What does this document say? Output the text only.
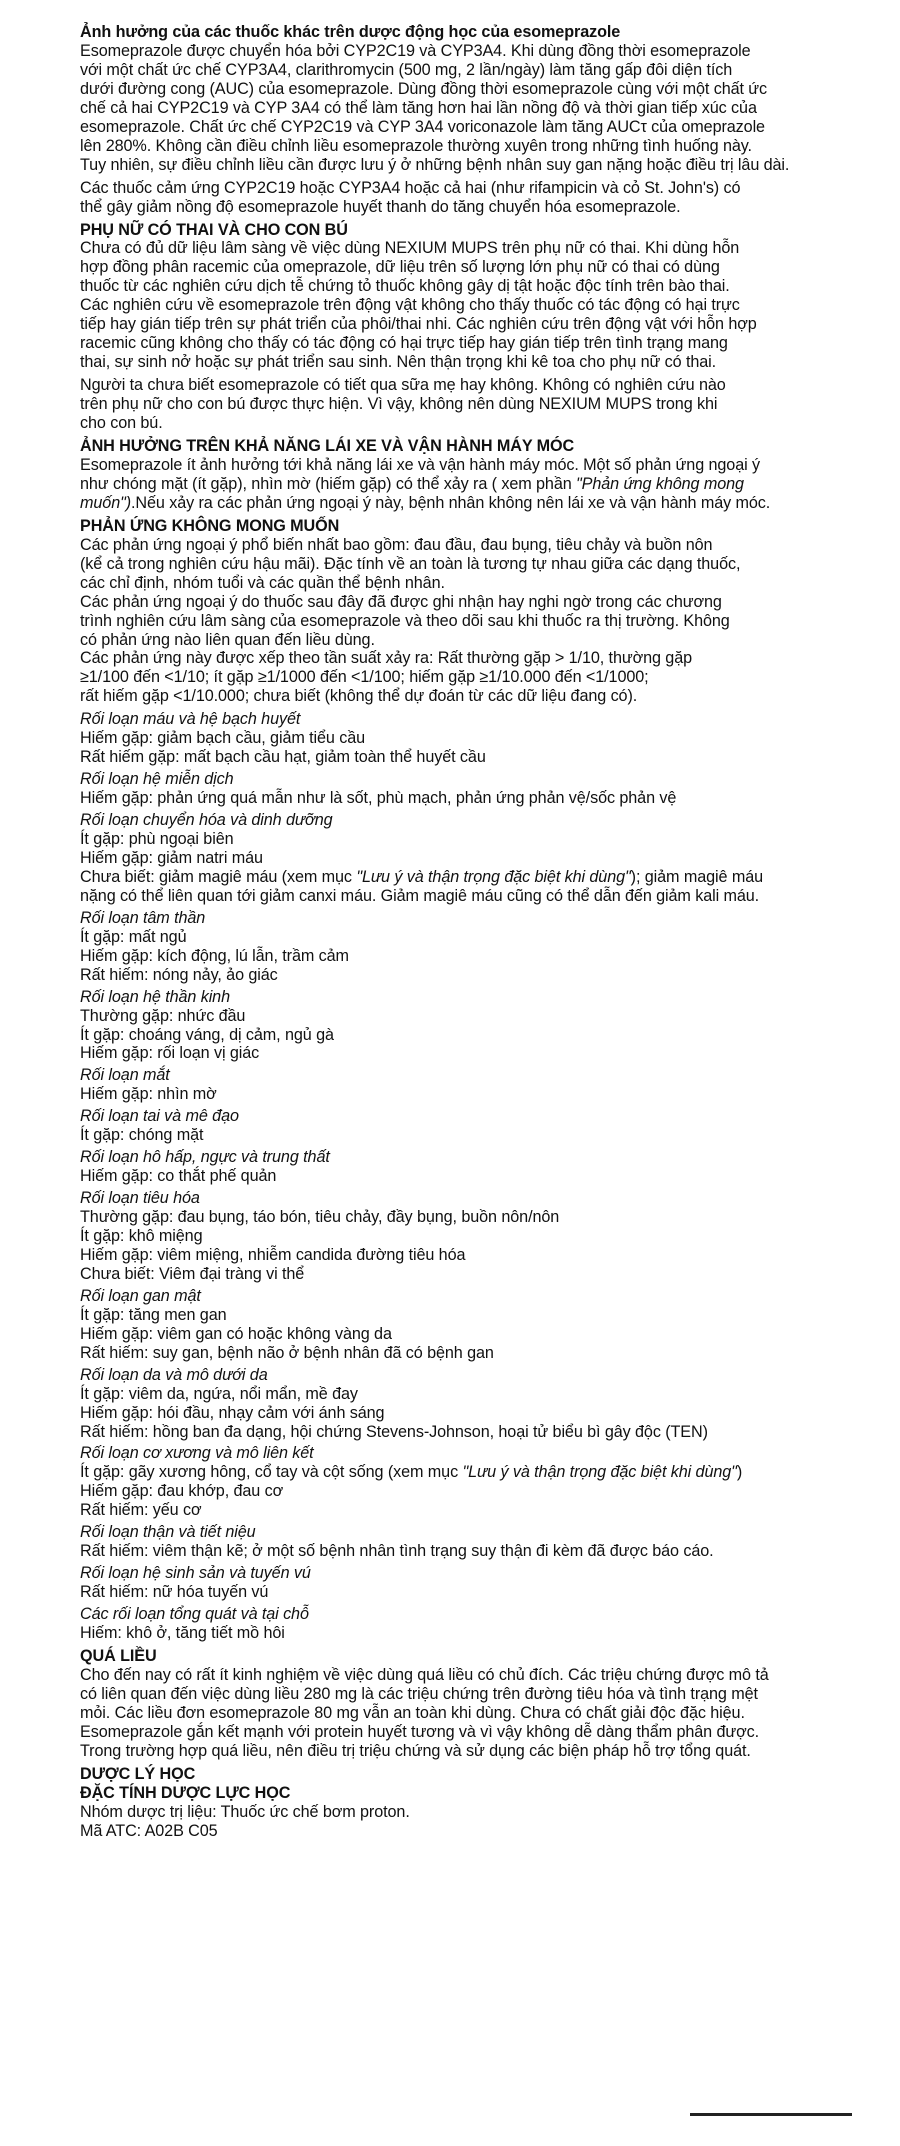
Ảnh hưởng của các thuốc khác trên dược động học của esomeprazole
Esomeprazole được chuyển hóa bởi CYP2C19 và CYP3A4. Khi dùng đồng thời esomeprazole
với một chất ức chế CYP3A4, clarithromycin (500 mg, 2 lần/ngày) làm tăng gấp đôi diện tích
dưới đường cong (AUC) của esomeprazole. Dùng đồng thời esomeprazole cùng với một chất ức
chế cả hai CYP2C19 và CYP 3A4 có thể làm tăng hơn hai lần nồng độ và thời gian tiếp xúc của
esomeprazole. Chất ức chế CYP2C19 và CYP 3A4 voriconazole làm tăng AUCτ của omeprazole
lên 280%. Không cần điều chỉnh liều esomeprazole thường xuyên trong những tình huống này.
Tuy nhiên, sự điều chỉnh liều cần được lưu ý ở những bệnh nhân suy gan nặng hoặc điều trị lâu dài.
Các thuốc cảm ứng CYP2C19 hoặc CYP3A4 hoặc cả hai (như rifampicin và cỏ St. John's) có
thể gây giảm nồng độ esomeprazole huyết thanh do tăng chuyển hóa esomeprazole.
PHỤ NỮ CÓ THAI VÀ CHO CON BÚ
Chưa có đủ dữ liệu lâm sàng về việc dùng NEXIUM MUPS trên phụ nữ có thai. Khi dùng hỗn
hợp đồng phân racemic của omeprazole, dữ liệu trên số lượng lớn phụ nữ có thai có dùng
thuốc từ các nghiên cứu dịch tễ chứng tỏ thuốc không gây dị tật hoặc độc tính trên bào thai.
Các nghiên cứu về esomeprazole trên động vật không cho thấy thuốc có tác động có hại trực
tiếp hay gián tiếp trên sự phát triển của phôi/thai nhi. Các nghiên cứu trên động vật với hỗn hợp
racemic cũng không cho thấy có tác động có hại trực tiếp hay gián tiếp trên tình trạng mang
thai, sự sinh nở hoặc sự phát triển sau sinh. Nên thận trọng khi kê toa cho phụ nữ có thai.
Người ta chưa biết esomeprazole có tiết qua sữa mẹ hay không. Không có nghiên cứu nào
trên phụ nữ cho con bú được thực hiện. Vì vậy, không nên dùng NEXIUM MUPS trong khi
cho con bú.
ẢNH HƯỞNG TRÊN KHẢ NĂNG LÁI XE VÀ VẬN HÀNH MÁY MÓC
Esomeprazole ít ảnh hưởng tới khả năng lái xe và vận hành máy móc. Một số phản ứng ngoại ý
như chóng mặt (ít gặp), nhìn mờ (hiếm gặp) có thể xảy ra ( xem phần "Phản ứng không mong
muốn").Nếu xảy ra các phản ứng ngoại ý này, bệnh nhân không nên lái xe và vận hành máy móc.
PHẢN ỨNG KHÔNG MONG MUỐN
Các phản ứng ngoại ý phổ biến nhất bao gồm: đau đầu, đau bụng, tiêu chảy và buồn nôn
(kể cả trong nghiên cứu hậu mãi). Đặc tính về an toàn là tương tự nhau giữa các dạng thuốc,
các chỉ định, nhóm tuổi và các quần thể bệnh nhân.
Các phản ứng ngoại ý do thuốc sau đây đã được ghi nhận hay nghi ngờ trong các chương
trình nghiên cứu lâm sàng của esomeprazole và theo dõi sau khi thuốc ra thị trường. Không
có phản ứng nào liên quan đến liều dùng.
Các phản ứng này được xếp theo tần suất xảy ra: Rất thường gặp > 1/10, thường gặp
≥1/100 đến <1/10; ít gặp ≥1/1000 đến <1/100; hiếm gặp ≥1/10.000 đến <1/1000;
rất hiếm gặp <1/10.000; chưa biết (không thể dự đoán từ các dữ liệu đang có).
Rối loạn máu và hệ bạch huyết
Hiếm gặp: giảm bạch cầu, giảm tiểu cầu
Rất hiếm gặp: mất bạch cầu hạt, giảm toàn thể huyết cầu
Rối loạn hệ miễn dịch
Hiếm gặp: phản ứng quá mẫn như là sốt, phù mạch, phản ứng phản vệ/sốc phản vệ
Rối loạn chuyển hóa và dinh dưỡng
Ít gặp: phù ngoại biên
Hiếm gặp: giảm natri máu
Chưa biết: giảm magiê máu (xem mục "Lưu ý và thận trọng đặc biệt khi dùng"); giảm magiê máu
nặng có thể liên quan tới giảm canxi máu. Giảm magiê máu cũng có thể dẫn đến giảm kali máu.
Rối loạn tâm thần
Ít gặp: mất ngủ
Hiếm gặp: kích động, lú lẫn, trầm cảm
Rất hiếm: nóng nảy, ảo giác
Rối loạn hệ thần kinh
Thường gặp: nhức đầu
Ít gặp: choáng váng, dị cảm, ngủ gà
Hiếm gặp: rối loạn vị giác
Rối loạn mắt
Hiếm gặp: nhìn mờ
Rối loạn tai và mê đạo
Ít gặp: chóng mặt
Rối loạn hô hấp, ngực và trung thất
Hiếm gặp: co thắt phế quản
Rối loạn tiêu hóa
Thường gặp: đau bụng, táo bón, tiêu chảy, đầy bụng, buồn nôn/nôn
Ít gặp: khô miệng
Hiếm gặp: viêm miệng, nhiễm candida đường tiêu hóa
Chưa biết: Viêm đại tràng vi thể
Rối loạn gan mật
Ít gặp: tăng men gan
Hiếm gặp: viêm gan có hoặc không vàng da
Rất hiếm: suy gan, bệnh não ở bệnh nhân đã có bệnh gan
Rối loạn da và mô dưới da
Ít gặp: viêm da, ngứa, nổi mẩn, mề đay
Hiếm gặp: hói đầu, nhạy cảm với ánh sáng
Rất hiếm: hồng ban đa dạng, hội chứng Stevens-Johnson, hoại tử biểu bì gây độc (TEN)
Rối loạn cơ xương và mô liên kết
Ít gặp: gãy xương hông, cổ tay và cột sống (xem mục "Lưu ý và thận trọng đặc biệt khi dùng")
Hiếm gặp: đau khớp, đau cơ
Rất hiếm: yếu cơ
Rối loạn thận và tiết niệu
Rất hiếm: viêm thận kẽ; ở một số bệnh nhân tình trạng suy thận đi kèm đã được báo cáo.
Rối loạn hệ sinh sản và tuyến vú
Rất hiếm: nữ hóa tuyến vú
Các rối loạn tổng quát và tại chỗ
Hiếm: khô ở, tăng tiết mồ hôi
QUÁ LIỀU
Cho đến nay có rất ít kinh nghiệm về việc dùng quá liều có chủ đích. Các triệu chứng được mô tả
có liên quan đến việc dùng liều 280 mg là các triệu chứng trên đường tiêu hóa và tình trạng mệt
mỏi. Các liều đơn esomeprazole 80 mg vẫn an toàn khi dùng. Chưa có chất giải độc đặc hiệu.
Esomeprazole gắn kết mạnh với protein huyết tương và vì vậy không dễ dàng thẩm phân được.
Trong trường hợp quá liều, nên điều trị triệu chứng và sử dụng các biện pháp hỗ trợ tổng quát.
DƯỢC LÝ HỌC
ĐẶC TÍNH DƯỢC LỰC HỌC
Nhóm dược trị liệu: Thuốc ức chế bơm proton.
Mã ATC: A02B C05
